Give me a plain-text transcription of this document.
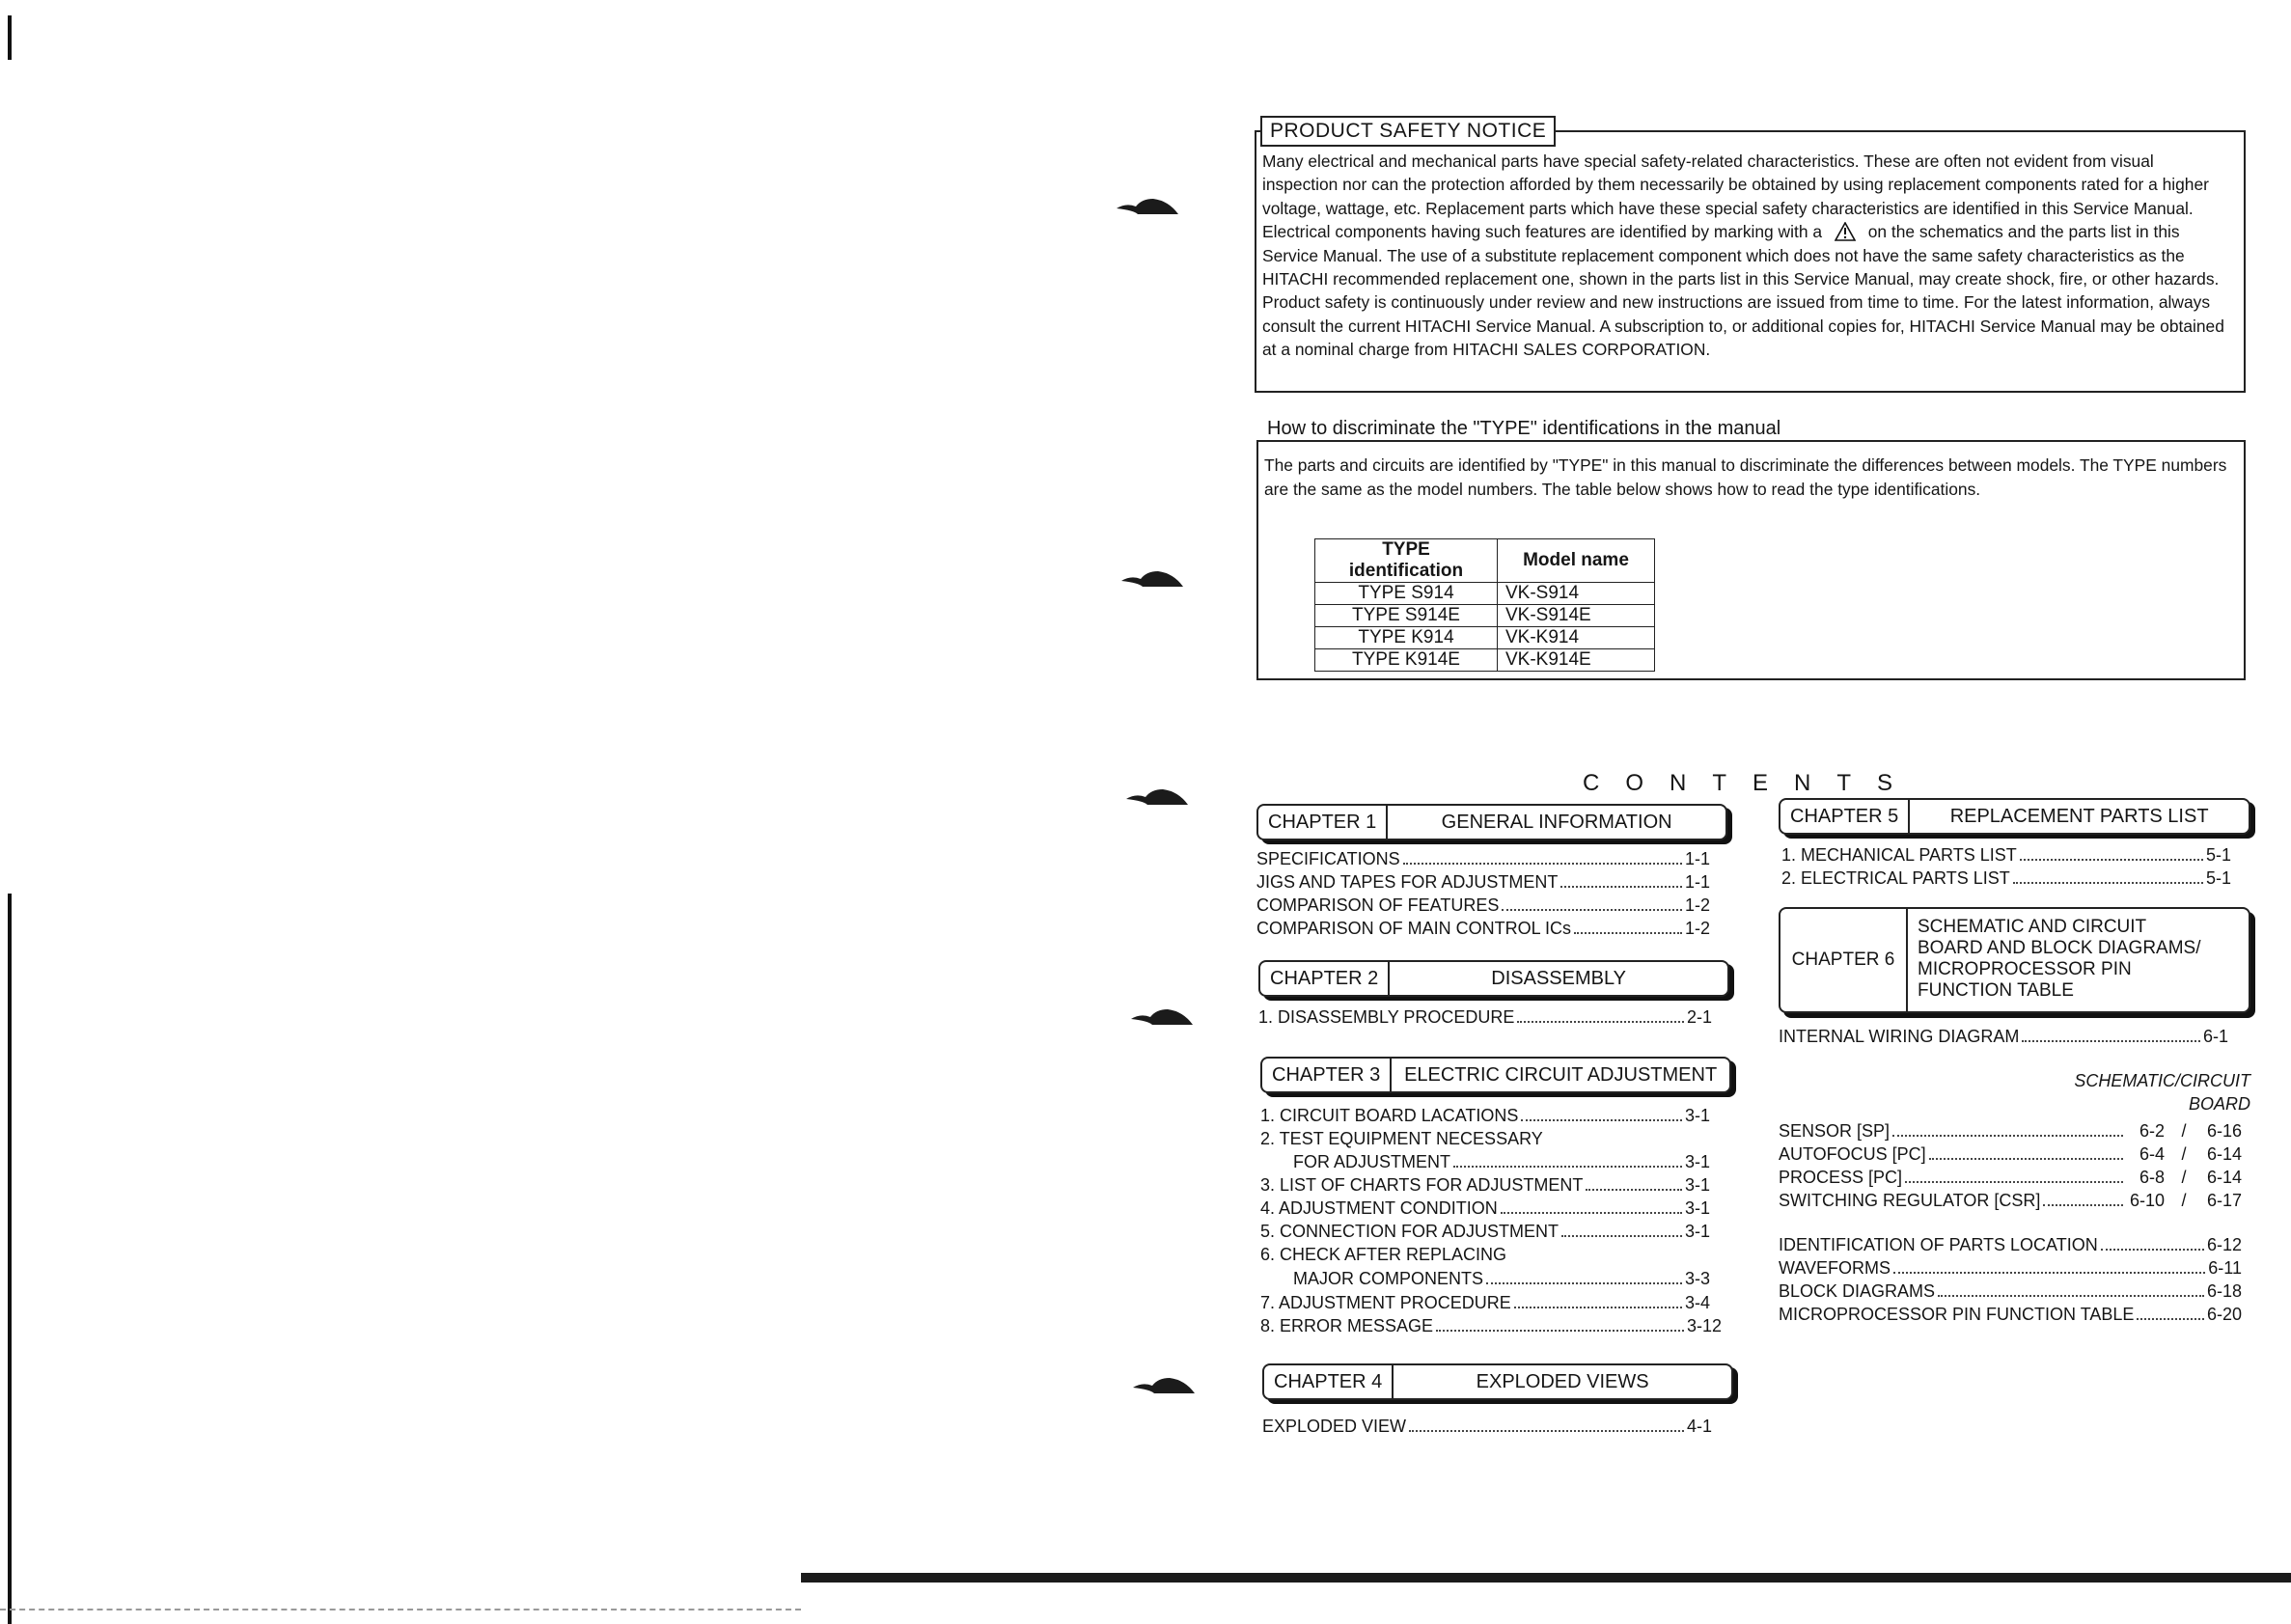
PRODUCT SAFETY NOTICE
Many electrical and mechanical parts have special safety-related characteristics. These are often not evident from visual inspection nor can the protection afforded by them necessarily be obtained by using replacement components rated for a higher voltage, wattage, etc. Replacement parts which have these special safety characteristics are identified in this Service Manual. Electrical components having such features are identified by marking with a	on the schematics and the parts list in this Service Manual. The use of a substitute replacement component which does not have the same safety characteristics as the HITACHI recommended replacement one, shown in the parts list in this Service Manual, may create shock, fire, or other hazards. Product safety is continuously under review and new instructions are issued from time to time. For the latest information, always consult the current HITACHI Service Manual. A subscription to, or additional copies for, HITACHI Service Manual may be obtained at a nominal charge from HITACHI SALES CORPORATION.
How to discriminate the "TYPE" identifications in the manual
The parts and circuits are identified by "TYPE" in this manual to discriminate the differences between models. The TYPE numbers are the same as the model numbers. The table below shows how to read the type identifications.
TYPE identification	Model name
TYPE S914	VK-S914
TYPE S914E	VK-S914E
TYPE K914	VK-K914
TYPE K914E	VK-K914E
CONTENTS
CHAPTER 1	GENERAL INFORMATION
SPECIFICATIONS	1-1
JIGS AND TAPES FOR ADJUSTMENT	1-1
COMPARISON OF FEATURES	1-2
COMPARISON OF MAIN CONTROL ICs	1-2
CHAPTER 2	DISASSEMBLY
1. DISASSEMBLY PROCEDURE	2-1
CHAPTER 3	ELECTRIC CIRCUIT ADJUSTMENT
1. CIRCUIT BOARD LACATIONS	3-1
2. TEST EQUIPMENT NECESSARY
FOR ADJUSTMENT	3-1
3. LIST OF CHARTS FOR ADJUSTMENT	3-1
4. ADJUSTMENT CONDITION	3-1
5. CONNECTION FOR ADJUSTMENT	3-1
6. CHECK AFTER REPLACING
MAJOR COMPONENTS	3-3
7. ADJUSTMENT PROCEDURE	3-4
8. ERROR MESSAGE	3-12
CHAPTER 4	EXPLODED VIEWS
EXPLODED VIEW	4-1
CHAPTER 5	REPLACEMENT PARTS LIST
1. MECHANICAL PARTS LIST	5-1
2. ELECTRICAL PARTS LIST	5-1
CHAPTER 6
SCHEMATIC AND CIRCUIT
BOARD AND BLOCK DIAGRAMS/
MICROPROCESSOR PIN
FUNCTION TABLE
INTERNAL WIRING DIAGRAM	6-1
SCHEMATIC/CIRCUIT
BOARD
SENSOR [SP]	6-2 /	6-16
AUTOFOCUS [PC]	6-4 /	6-14
PROCESS [PC]	6-8 /	6-14
SWITCHING REGULATOR [CSR]	6-10 /	6-17
IDENTIFICATION OF PARTS LOCATION	6-12
WAVEFORMS	6-11
BLOCK DIAGRAMS	6-18
MICROPROCESSOR PIN FUNCTION TABLE	6-20
